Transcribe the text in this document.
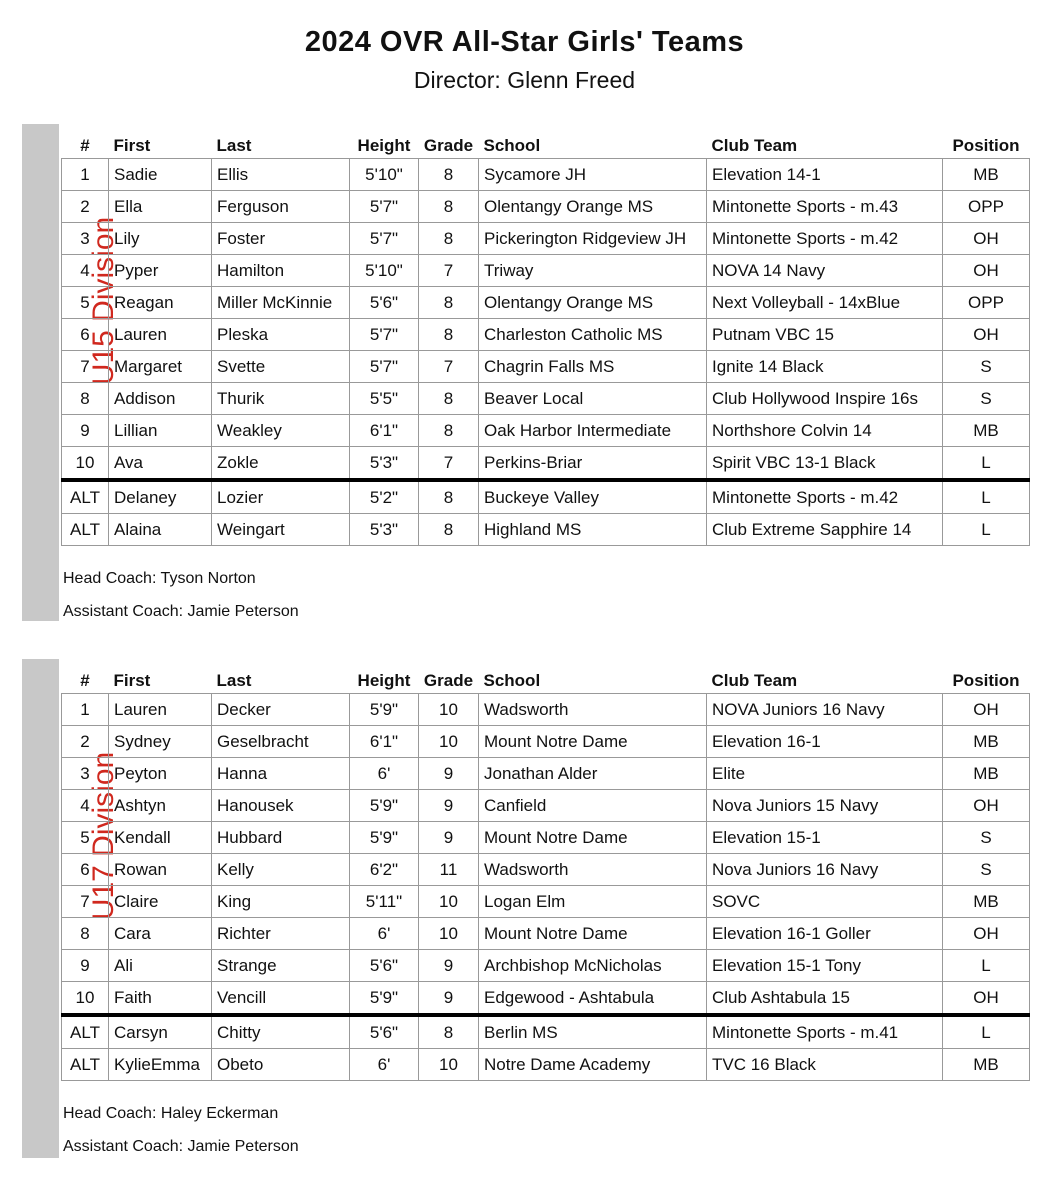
2024 OVR All-Star Girls' Teams
Director: Glenn Freed
U15 Division
#	First	Last	Height	Grade	School	Club Team	Position
1	Sadie	Ellis	5'10"	8	Sycamore JH	Elevation 14-1	MB
2	Ella	Ferguson	5'7"	8	Olentangy Orange MS	Mintonette Sports - m.43	OPP
3	Lily	Foster	5'7"	8	Pickerington Ridgeview JH	Mintonette Sports - m.42	OH
4	Pyper	Hamilton	5'10"	7	Triway	NOVA 14 Navy	OH
5	Reagan	Miller McKinnie	5'6"	8	Olentangy Orange MS	Next Volleyball - 14xBlue	OPP
6	Lauren	Pleska	5'7"	8	Charleston Catholic MS	Putnam VBC 15	OH
7	Margaret	Svette	5'7"	7	Chagrin Falls MS	Ignite 14 Black	S
8	Addison	Thurik	5'5"	8	Beaver Local	Club Hollywood Inspire 16s	S
9	Lillian	Weakley	6'1"	8	Oak Harbor Intermediate	Northshore Colvin 14	MB
10	Ava	Zokle	5'3"	7	Perkins-Briar	Spirit VBC 13-1 Black	L
ALT	Delaney	Lozier	5'2"	8	Buckeye Valley	Mintonette Sports - m.42	L
ALT	Alaina	Weingart	5'3"	8	Highland MS	Club Extreme Sapphire 14	L
Head Coach: Tyson Norton
Assistant Coach: Jamie Peterson
U17 Division
#	First	Last	Height	Grade	School	Club Team	Position
1	Lauren	Decker	5'9"	10	Wadsworth	NOVA Juniors 16 Navy	OH
2	Sydney	Geselbracht	6'1"	10	Mount Notre Dame	Elevation 16-1	MB
3	Peyton	Hanna	6'	9	Jonathan Alder	Elite	MB
4	Ashtyn	Hanousek	5'9"	9	Canfield	Nova Juniors 15 Navy	OH
5	Kendall	Hubbard	5'9"	9	Mount Notre Dame	Elevation 15-1	S
6	Rowan	Kelly	6'2"	11	Wadsworth	Nova Juniors 16 Navy	S
7	Claire	King	5'11"	10	Logan Elm	SOVC	MB
8	Cara	Richter	6'	10	Mount Notre Dame	Elevation 16-1 Goller	OH
9	Ali	Strange	5'6"	9	Archbishop McNicholas	Elevation 15-1 Tony	L
10	Faith	Vencill	5'9"	9	Edgewood - Ashtabula	Club Ashtabula 15	OH
ALT	Carsyn	Chitty	5'6"	8	Berlin MS	Mintonette Sports - m.41	L
ALT	KylieEmma	Obeto	6'	10	Notre Dame Academy	TVC 16 Black	MB
Head Coach: Haley Eckerman
Assistant Coach: Jamie Peterson
